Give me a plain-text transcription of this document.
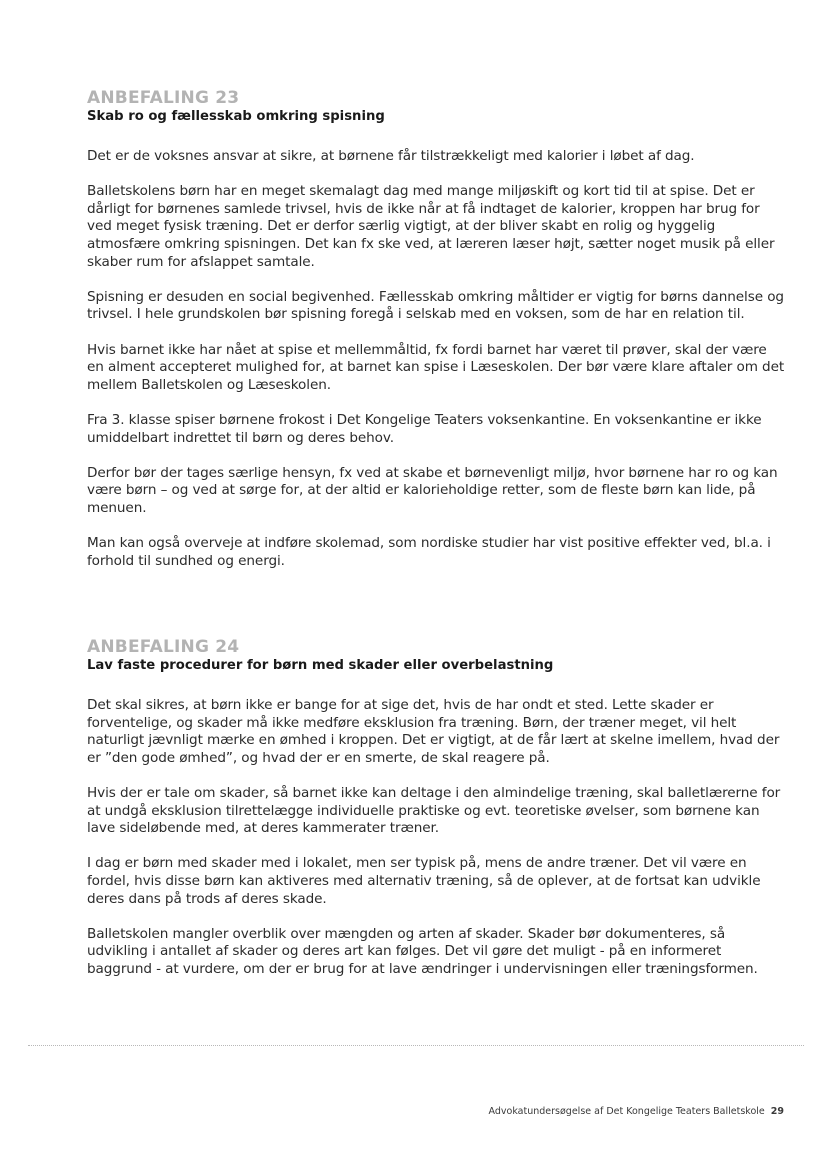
ANBEFALING 23

Skab ro og fællesskab omkring spisning

Det er de voksnes ansvar at sikre, at børnene får tilstrækkeligt med kalorier i løbet af dag.

Balletskolens børn har en meget skemalagt dag med mange miljøskift og kort tid til at spise. Det er dårligt for børnenes samlede trivsel, hvis de ikke når at få indtaget de kalorier, kroppen har brug for ved meget fysisk træning. Det er derfor særlig vigtigt, at der bliver skabt en rolig og hyggelig atmosfære omkring spisningen. Det kan fx ske ved, at læreren læser højt, sætter noget musik på eller skaber rum for afslappet samtale.

Spisning er desuden en social begivenhed. Fællesskab omkring måltider er vigtig for børns dannelse og trivsel. I hele grundskolen bør spisning foregå i selskab med en voksen, som de har en relation til.

Hvis barnet ikke har nået at spise et mellemmåltid, fx fordi barnet har været til prøver, skal der være en alment accepteret mulighed for, at barnet kan spise i Læseskolen. Der bør være klare aftaler om det mellem Balletskolen og Læseskolen.

Fra 3. klasse spiser børnene frokost i Det Kongelige Teaters voksenkantine. En voksenkantine er ikke umiddelbart indrettet til børn og deres behov.

Derfor bør der tages særlige hensyn, fx ved at skabe et børnevenligt miljø, hvor børnene har ro og kan være børn – og ved at sørge for, at der altid er kalorieholdige retter, som de fleste børn kan lide, på menuen.

Man kan også overveje at indføre skolemad, som nordiske studier har vist positive effekter ved, bl.a. i forhold til sundhed og energi.

ANBEFALING 24

Lav faste procedurer for børn med skader eller overbelastning

Det skal sikres, at børn ikke er bange for at sige det, hvis de har ondt et sted. Lette skader er forventelige, og skader må ikke medføre eksklusion fra træning. Børn, der træner meget, vil helt naturligt jævnligt mærke en ømhed i kroppen. Det er vigtigt, at de får lært at skelne imellem, hvad der er ”den gode ømhed”, og hvad der er en smerte, de skal reagere på.

Hvis der er tale om skader, så barnet ikke kan deltage i den almindelige træning, skal balletlærerne for at undgå eksklusion tilrettelægge individuelle praktiske og evt. teoretiske øvelser, som børnene kan lave sideløbende med, at deres kammerater træner.

I dag er børn med skader med i lokalet, men ser typisk på, mens de andre træner. Det vil være en fordel, hvis disse børn kan aktiveres med alternativ træning, så de oplever, at de fortsat kan udvikle deres dans på trods af deres skade.

Balletskolen mangler overblik over mængden og arten af skader. Skader bør dokumenteres, så udvikling i antallet af skader og deres art kan følges. Det vil gøre det muligt - på en informeret baggrund - at vurdere, om der er brug for at lave ændringer i undervisningen eller træningsformen.

Advokatundersøgelse af Det Kongelige Teaters Balletskole 29
